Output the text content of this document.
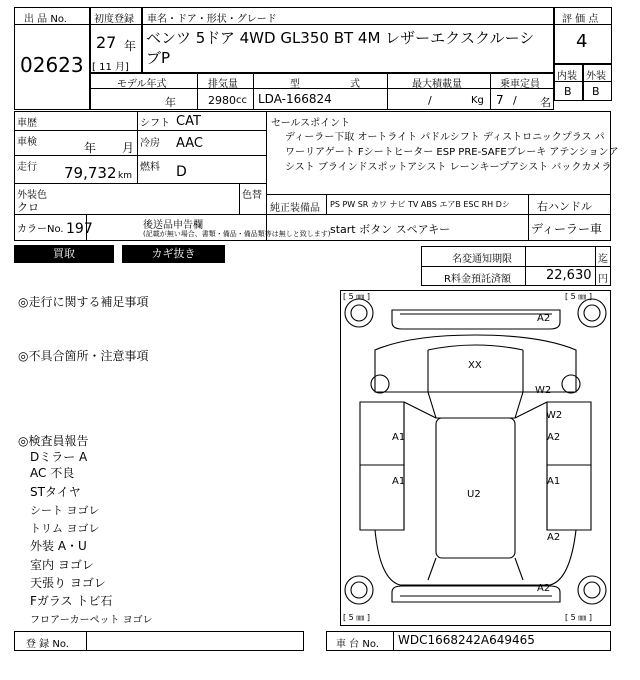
出 品 No.
02623
初度登録
27 年
[ 11 月]
車名・ドア・形状・グレード
ベンツ 5ドア 4WD GL350 BT 4M レザーエクスクルーシブP
評 価 点
4
内装 外装
B B
モデル年式
年
排気量
2980 cc
型	式
LDA-166824
最大積載量
/	Kg
乗車定員
7 / 名
車歴
車検	年 月
走行 79,732 km
シフト CAT
冷房 AAC
燃料 D
外装色
クロ
色替
カラーNo. 197	後送品申告欄
(記載が無い場合、書類・備品・備品類等は無しと致します)
セールスポイント
ディーラー下取 オートライト パドルシフト ディストロニックプラス パ
ワーリアゲート Fシートヒーター ESP PRE-SAFEブレーキ アテンションア
シスト ブラインドスポットアシスト レーンキープアシスト バックカメラ
純正装備品 PS PW SR カワ ナビ TV ABS エアB ESC RH Dシ 右ハンドル
start ボタン スペアキー	ディーラー車
買取	カギ抜き	名変通知期限	迄
R料金預託済額	22,630 円
◎走行に関する補足事項
◎不具合箇所・注意事項
◎検査員報告
Dミラー A
AC 不良
STタイヤ
シート ヨゴレ
トリム ヨゴレ
外装 A・U
室内 ヨゴレ
天張り ヨゴレ
Fガラス トビ石
フロアーカーペット ヨゴレ
[ 5 ㎜ ]	[ 5 ㎜ ]
[ 5 ㎜ ]	[ 5 ㎜ ]
A2
XX
W2
W2
A1	A2
A1	A1
A2
U2
A2
登 録 No.	車 台 No. WDC1668242A649465
